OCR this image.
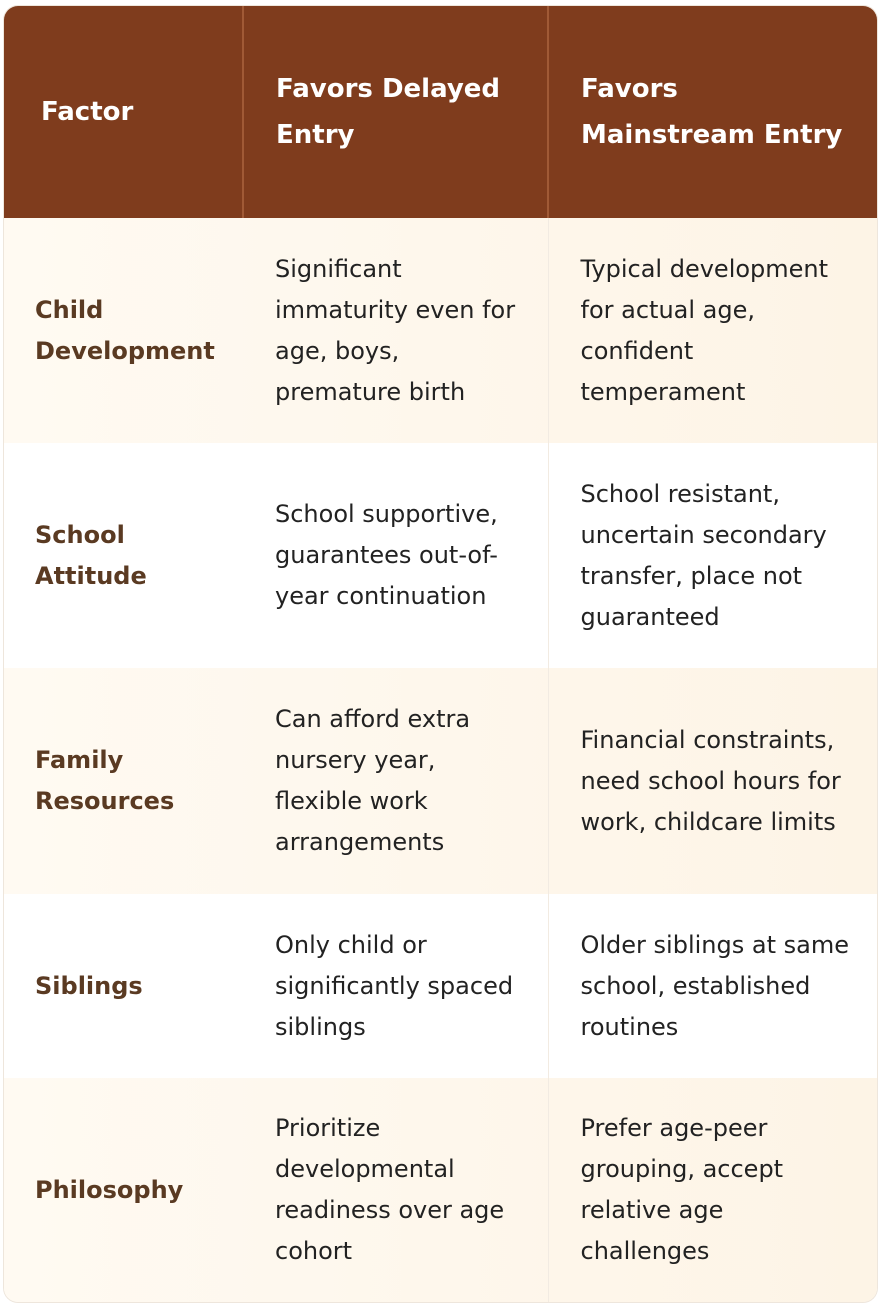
Factor	Favors Delayed Entry	Favors Mainstream Entry
Child Development	Significant immaturity even for age, boys, premature birth	Typical development for actual age, confident temperament
School Attitude	School supportive, guarantees out-of-year continuation	School resistant, uncertain secondary transfer, place not guaranteed
Family Resources	Can afford extra nursery year, flexible work arrangements	Financial constraints, need school hours for work, childcare limits
Siblings	Only child or significantly spaced siblings	Older siblings at same school, established routines
Philosophy	Prioritize developmental readiness over age cohort	Prefer age-peer grouping, accept relative age challenges
